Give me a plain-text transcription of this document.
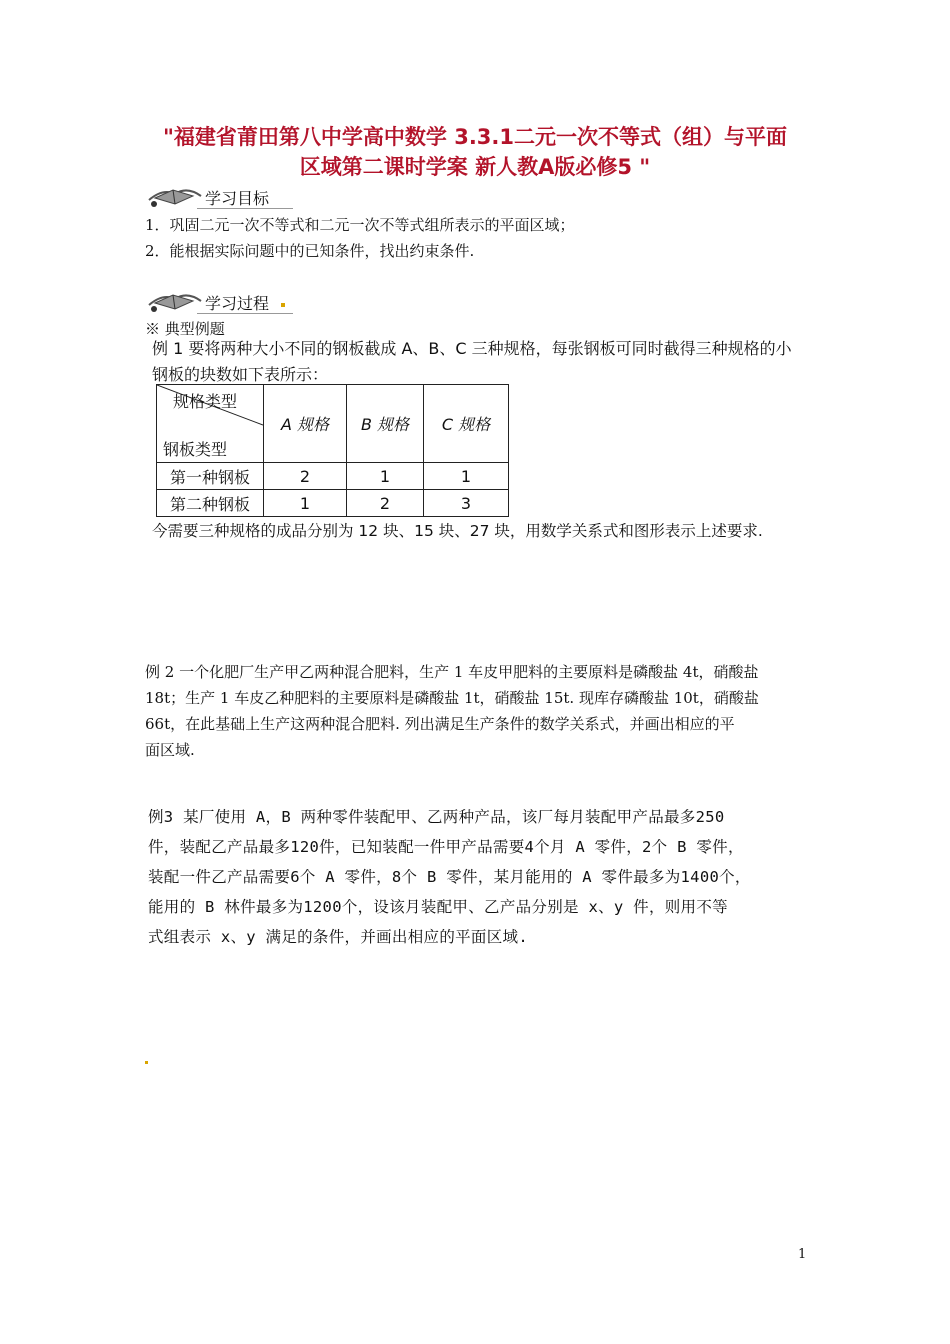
"福建省莆田第八中学高中数学 3.3.1二元一次不等式（组）与平面
区域第二课时学案 新人教A版必修5 "
学习目标
1．巩固二元一次不等式和二元一次不等式组所表示的平面区域；
2．能根据实际问题中的已知条件，找出约束条件.
学习过程
※ 典型例题
例 1 要将两种大小不同的钢板截成 A、B、C 三种规格，每张钢板可同时截得三种规格的小
钢板的块数如下表所示：
规格类型
钢板类型	A 规格	B 规格	C 规格
第一种钢板	2	1	1
第二种钢板	1	2	3
今需要三种规格的成品分别为 12 块、15 块、27 块，用数学关系式和图形表示上述要求.
例 2 一个化肥厂生产甲乙两种混合肥料，生产 1 车皮甲肥料的主要原料是磷酸盐 4t，硝酸盐
18t；生产 1 车皮乙种肥料的主要原料是磷酸盐 1t，硝酸盐 15t. 现库存磷酸盐 10t，硝酸盐
66t，在此基础上生产这两种混合肥料. 列出满足生产条件的数学关系式，并画出相应的平
面区域.
例3 某厂使用 A，B 两种零件装配甲、乙两种产品，该厂每月装配甲产品最多250
件，装配乙产品最多120件，已知装配一件甲产品需要4个月 A 零件，2个 B 零件，
装配一件乙产品需要6个 A 零件，8个 B 零件，某月能用的 A 零件最多为1400个，
能用的 B 林件最多为1200个，设该月装配甲、乙产品分别是 x、y 件，则用不等
式组表示 x、y 满足的条件，并画出相应的平面区域.
1
